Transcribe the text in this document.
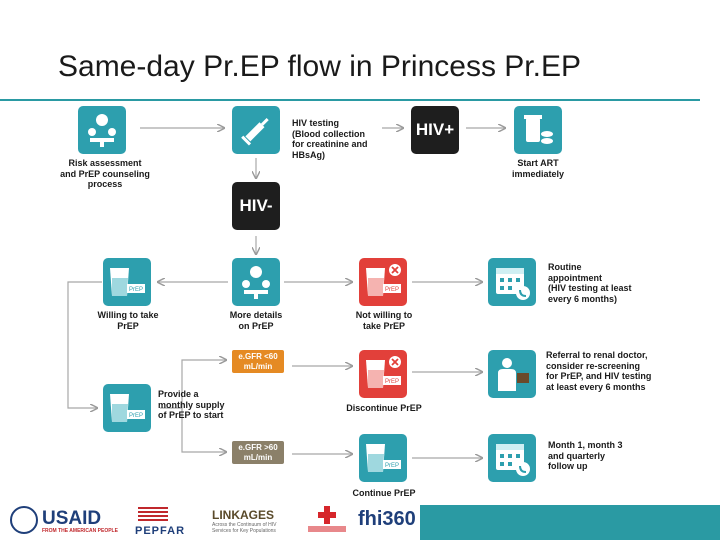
Same-day Pr.EP flow in Princess Pr.EP
Risk assessment
and PrEP counseling
process
HIV testing
(Blood collection
for creatinine and
HBsAg)
HIV+
Start ART
immediately
HIV-
PrEP
Willing to take
PrEP
More details
on PrEP
PrEP
Not willing to
take PrEP
Routine
appointment
(HIV testing at least
every 6 months)
e.GFR <60
mL/min
PrEP
Discontinue PrEP
Referral to renal doctor,
consider re-screening
for PrEP, and HIV testing
at least every 6 months
PrEP
Provide a
monthly supply
of PrEP to start
e.GFR >60
mL/min
PrEP
Continue PrEP
Month 1, month 3
and quarterly
follow up
USAID
FROM THE AMERICAN PEOPLE PEPFAR
LINKAGES
Across the Continuum of HIV
Services for Key Populations
fhi360
